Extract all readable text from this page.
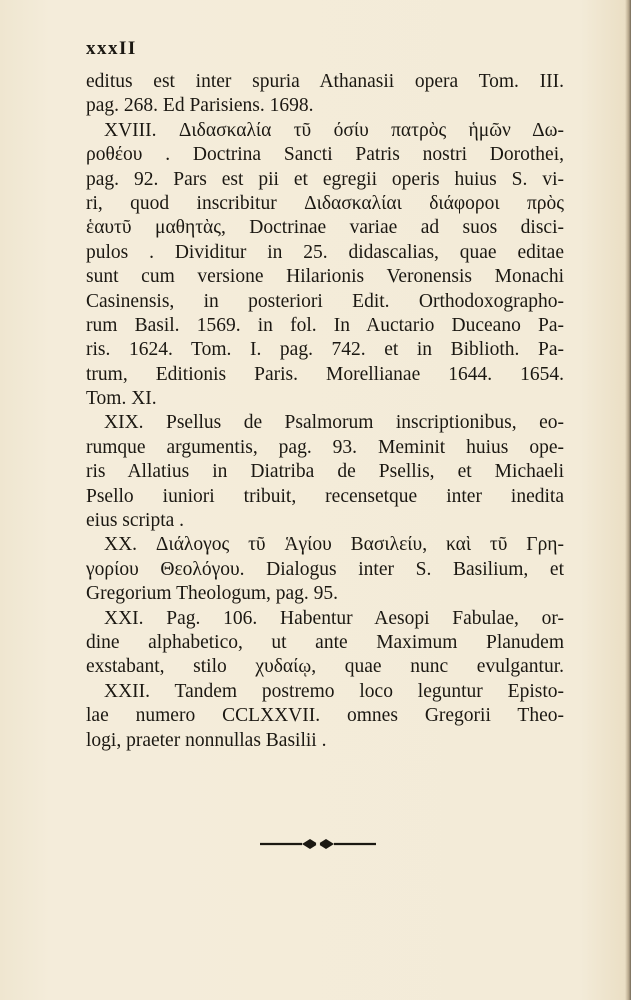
xxxII
editus est inter spuria Athanasii opera Tom. III.
pag. 268. Ed Parisiens. 1698.
XVIII. Διδασκαλία τῦ όσίυ πατρὸς ἡμῶν Δω-
ροθέου . Doctrina Sancti Patris nostri Dorothei,
pag. 92. Pars est pii et egregii operis huius S. vi-
ri, quod inscribitur Διδασκαλίαι διάφοροι πρὸς
ἑαυτῦ μαθητὰς, Doctrinae variae ad suos disci-
pulos . Dividitur in 25. didascalias, quae editae
sunt cum versione Hilarionis Veronensis Monachi
Casinensis, in posteriori Edit. Orthodoxographo-
rum Basil. 1569. in fol. In Auctario Duceano Pa-
ris. 1624. Tom. I. pag. 742. et in Biblioth. Pa-
trum, Editionis Paris. Morellianae 1644. 1654.
Tom. XI.
XIX. Psellus de Psalmorum inscriptionibus, eo-
rumque argumentis, pag. 93. Meminit huius ope-
ris Allatius in Diatriba de Psellis, et Michaeli
Psello iuniori tribuit, recensetque inter inedita
eius scripta .
XX. Διάλογος τῦ Ἁγίου Βασιλείυ, καὶ τῦ Γρη-
γορίου Θεολόγου. Dialogus inter S. Basilium, et
Gregorium Theologum, pag. 95.
XXI. Pag. 106. Habentur Aesopi Fabulae, or-
dine alphabetico, ut ante Maximum Planudem
exstabant, stilo χυδαίῳ, quae nunc evulgantur.
XXII. Tandem postremo loco leguntur Episto-
lae numero CCLXXVII. omnes Gregorii Theo-
logi, praeter nonnullas Basilii .
